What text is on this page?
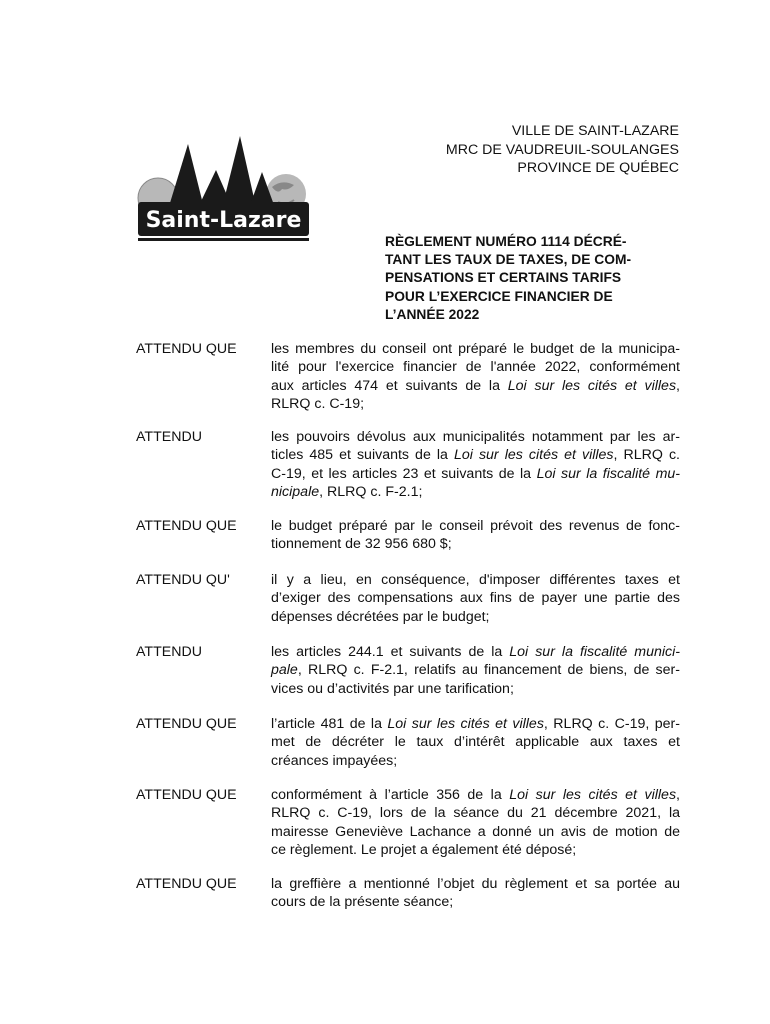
Saint-Lazare
VILLE DE SAINT-LAZARE
MRC DE VAUDREUIL-SOULANGES
PROVINCE DE QUÉBEC
RÈGLEMENT NUMÉRO 1114 DÉCRÉ-
TANT LES TAUX DE TAXES, DE COM-
PENSATIONS ET CERTAINS TARIFS
POUR L’EXERCICE FINANCIER DE
L’ANNÉE 2022
ATTENDU QUE	les membres du conseil ont préparé le budget de la municipa-
lité pour l'exercice financier de l'année 2022, conformément
aux articles 474 et suivants de la Loi sur les cités et villes,
RLRQ c. C-19;
ATTENDU	les pouvoirs dévolus aux municipalités notamment par les ar-
ticles 485 et suivants de la Loi sur les cités et villes, RLRQ c.
C-19, et les articles 23 et suivants de la Loi sur la fiscalité mu-
nicipale, RLRQ c. F-2.1;
ATTENDU QUE	le budget préparé par le conseil prévoit des revenus de fonc-
tionnement de 32 956 680 $;
ATTENDU QU'	il y a lieu, en conséquence, d'imposer différentes taxes et
d’exiger des compensations aux fins de payer une partie des
dépenses décrétées par le budget;
ATTENDU	les articles 244.1 et suivants de la Loi sur la fiscalité munici-
pale, RLRQ c. F-2.1, relatifs au financement de biens, de ser-
vices ou d’activités par une tarification;
ATTENDU QUE	l’article 481 de la Loi sur les cités et villes, RLRQ c. C-19, per-
met de décréter le taux d’intérêt applicable aux taxes et
créances impayées;
ATTENDU QUE	conformément à l’article 356 de la Loi sur les cités et villes,
RLRQ c. C-19, lors de la séance du 21 décembre 2021, la
mairesse Geneviève Lachance a donné un avis de motion de
ce règlement. Le projet a également été déposé;
ATTENDU QUE	la greffière a mentionné l’objet du règlement et sa portée au
cours de la présente séance;
